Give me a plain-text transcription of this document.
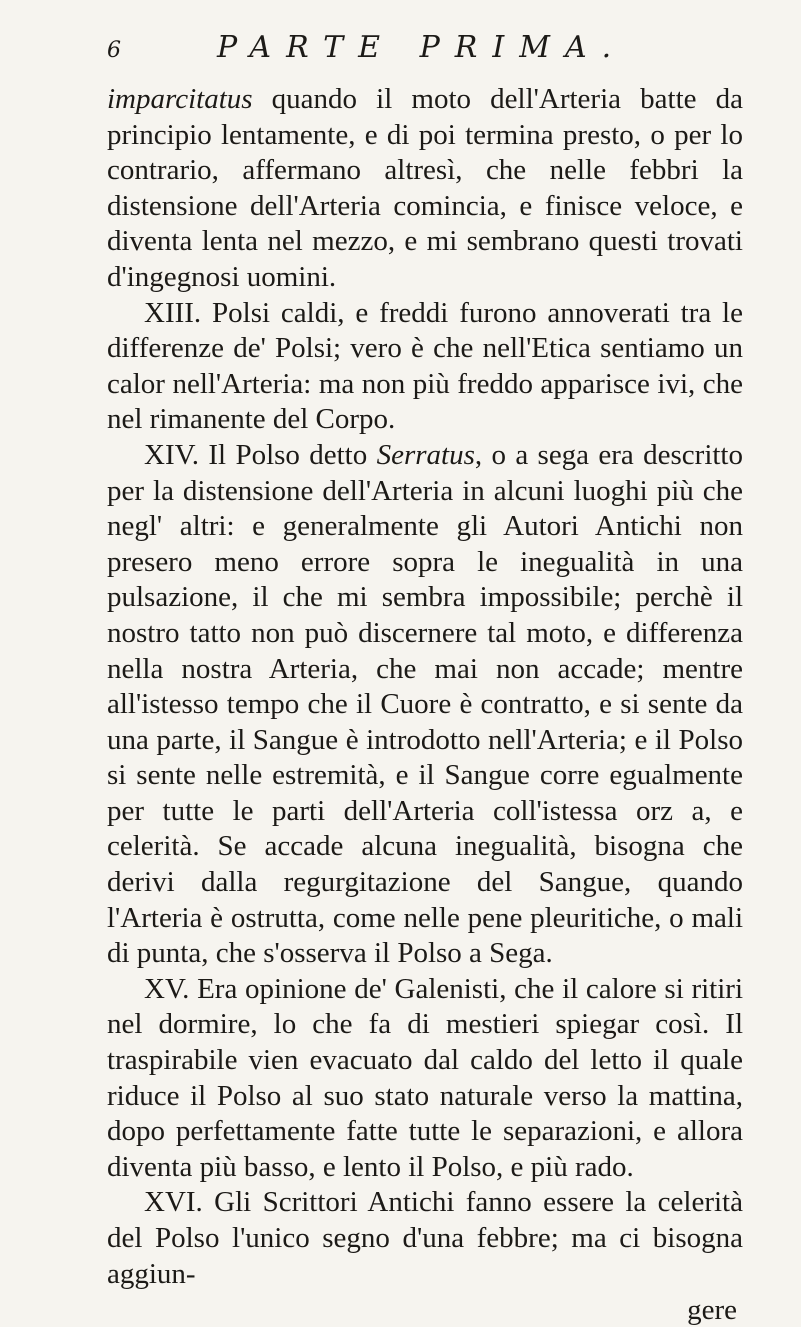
6	PARTE PRIMA.

imparcitatus quando il moto dell'Arteria batte da principio lentamente, e di poi termina presto, o per lo contrario, affermano altresì, che nelle febbri la distensione dell'Arteria comincia, e finisce veloce, e diventa lenta nel mezzo, e mi sembrano questi trovati d'ingegnosi uomini.

XIII. Polsi caldi, e freddi furono annoverati tra le differenze de' Polsi; vero è che nell'Etica sentiamo un calor nell'Arteria: ma non più freddo apparisce ivi, che nel rimanente del Corpo.

XIV. Il Polso detto Serratus, o a sega era descritto per la distensione dell'Arteria in alcuni luoghi più che negl' altri: e generalmente gli Autori Antichi non presero meno errore sopra le inegualità in una pulsazione, il che mi sembra impossibile; perchè il nostro tatto non può discernere tal moto, e differenza nella nostra Arteria, che mai non accade; mentre all'istesso tempo che il Cuore è contratto, e si sente da una parte, il Sangue è introdotto nell'Arteria; e il Polso si sente nelle estremità, e il Sangue corre egualmente per tutte le parti dell'Arteria coll'istessa orz a, e celerità. Se accade alcuna inegualità, bisogna che derivi dalla regurgitazione del Sangue, quando l'Arteria è ostrutta, come nelle pene pleuritiche, o mali di punta, che s'osserva il Polso a Sega.

XV. Era opinione de' Galenisti, che il calore si ritiri nel dormire, lo che fa di mestieri spiegar così. Il traspirabile vien evacuato dal caldo del letto il quale riduce il Polso al suo stato naturale verso la mattina, dopo perfettamente fatte tutte le separazioni, e allora diventa più basso, e lento il Polso, e più rado.

XVI. Gli Scrittori Antichi fanno essere la celerità del Polso l'unico segno d'una febbre; ma ci bisogna aggiun-

gere
